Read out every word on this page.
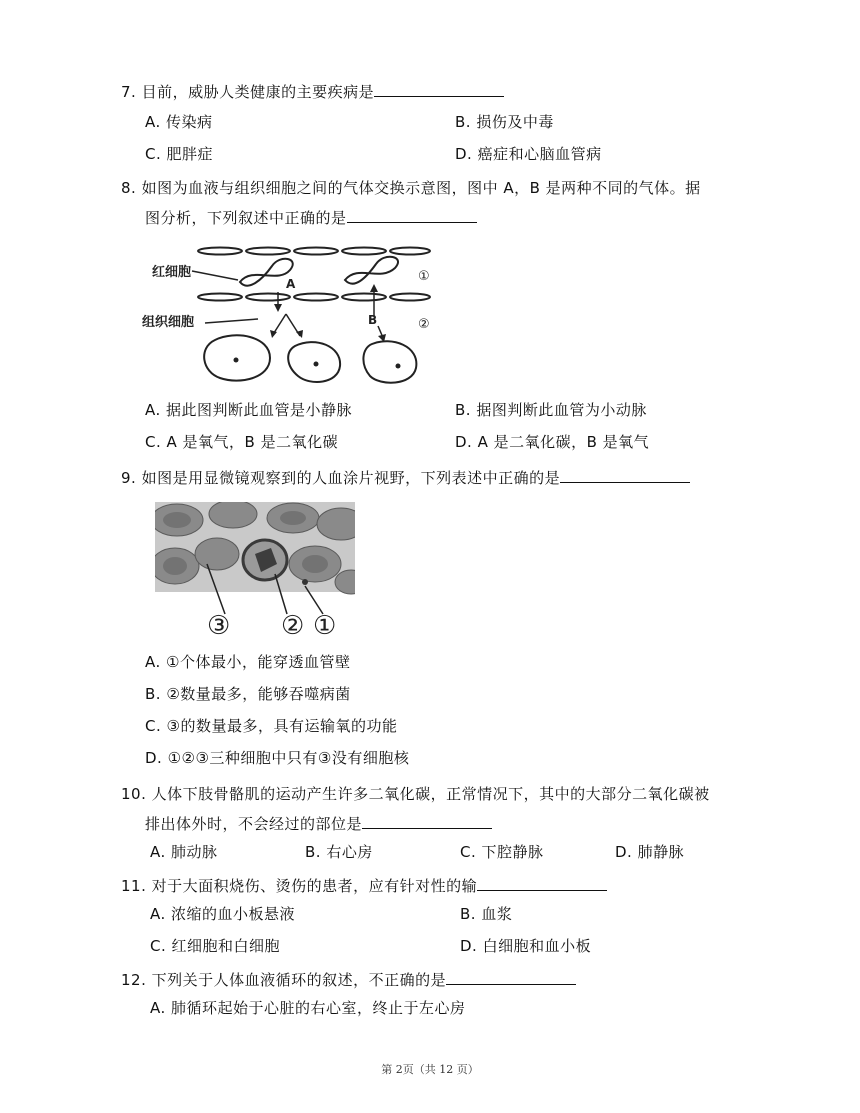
7. 目前，威胁人类健康的主要疾病是
A. 传染病	B. 损伤及中毒
C. 肥胖症	D. 癌症和心脑血管病
8. 如图为血液与组织细胞之间的气体交换示意图，图中 A，B 是两种不同的气体。据
图分析，下列叙述中正确的是
红细胞
组织细胞
A
B
①
②
A. 据此图判断此血管是小静脉	B. 据图判断此血管为小动脉
C. A 是氧气，B 是二氧化碳	D. A 是二氧化碳，B 是氧气
9. 如图是用显微镜观察到的人血涂片视野，下列表述中正确的是
③ ② ①
A. ①个体最小，能穿透血管壁
B. ②数量最多，能够吞噬病菌
C. ③的数量最多，具有运输氧的功能
D. ①②③三种细胞中只有③没有细胞核
10. 人体下肢骨骼肌的运动产生许多二氧化碳，正常情况下，其中的大部分二氧化碳被
排出体外时，不会经过的部位是
A. 肺动脉	B. 右心房	C. 下腔静脉	D. 肺静脉
11. 对于大面积烧伤、烫伤的患者，应有针对性的输
A. 浓缩的血小板悬液	B. 血浆
C. 红细胞和白细胞	D. 白细胞和血小板
12. 下列关于人体血液循环的叙述，不正确的是
A. 肺循环起始于心脏的右心室，终止于左心房
第 2页（共 12 页）
